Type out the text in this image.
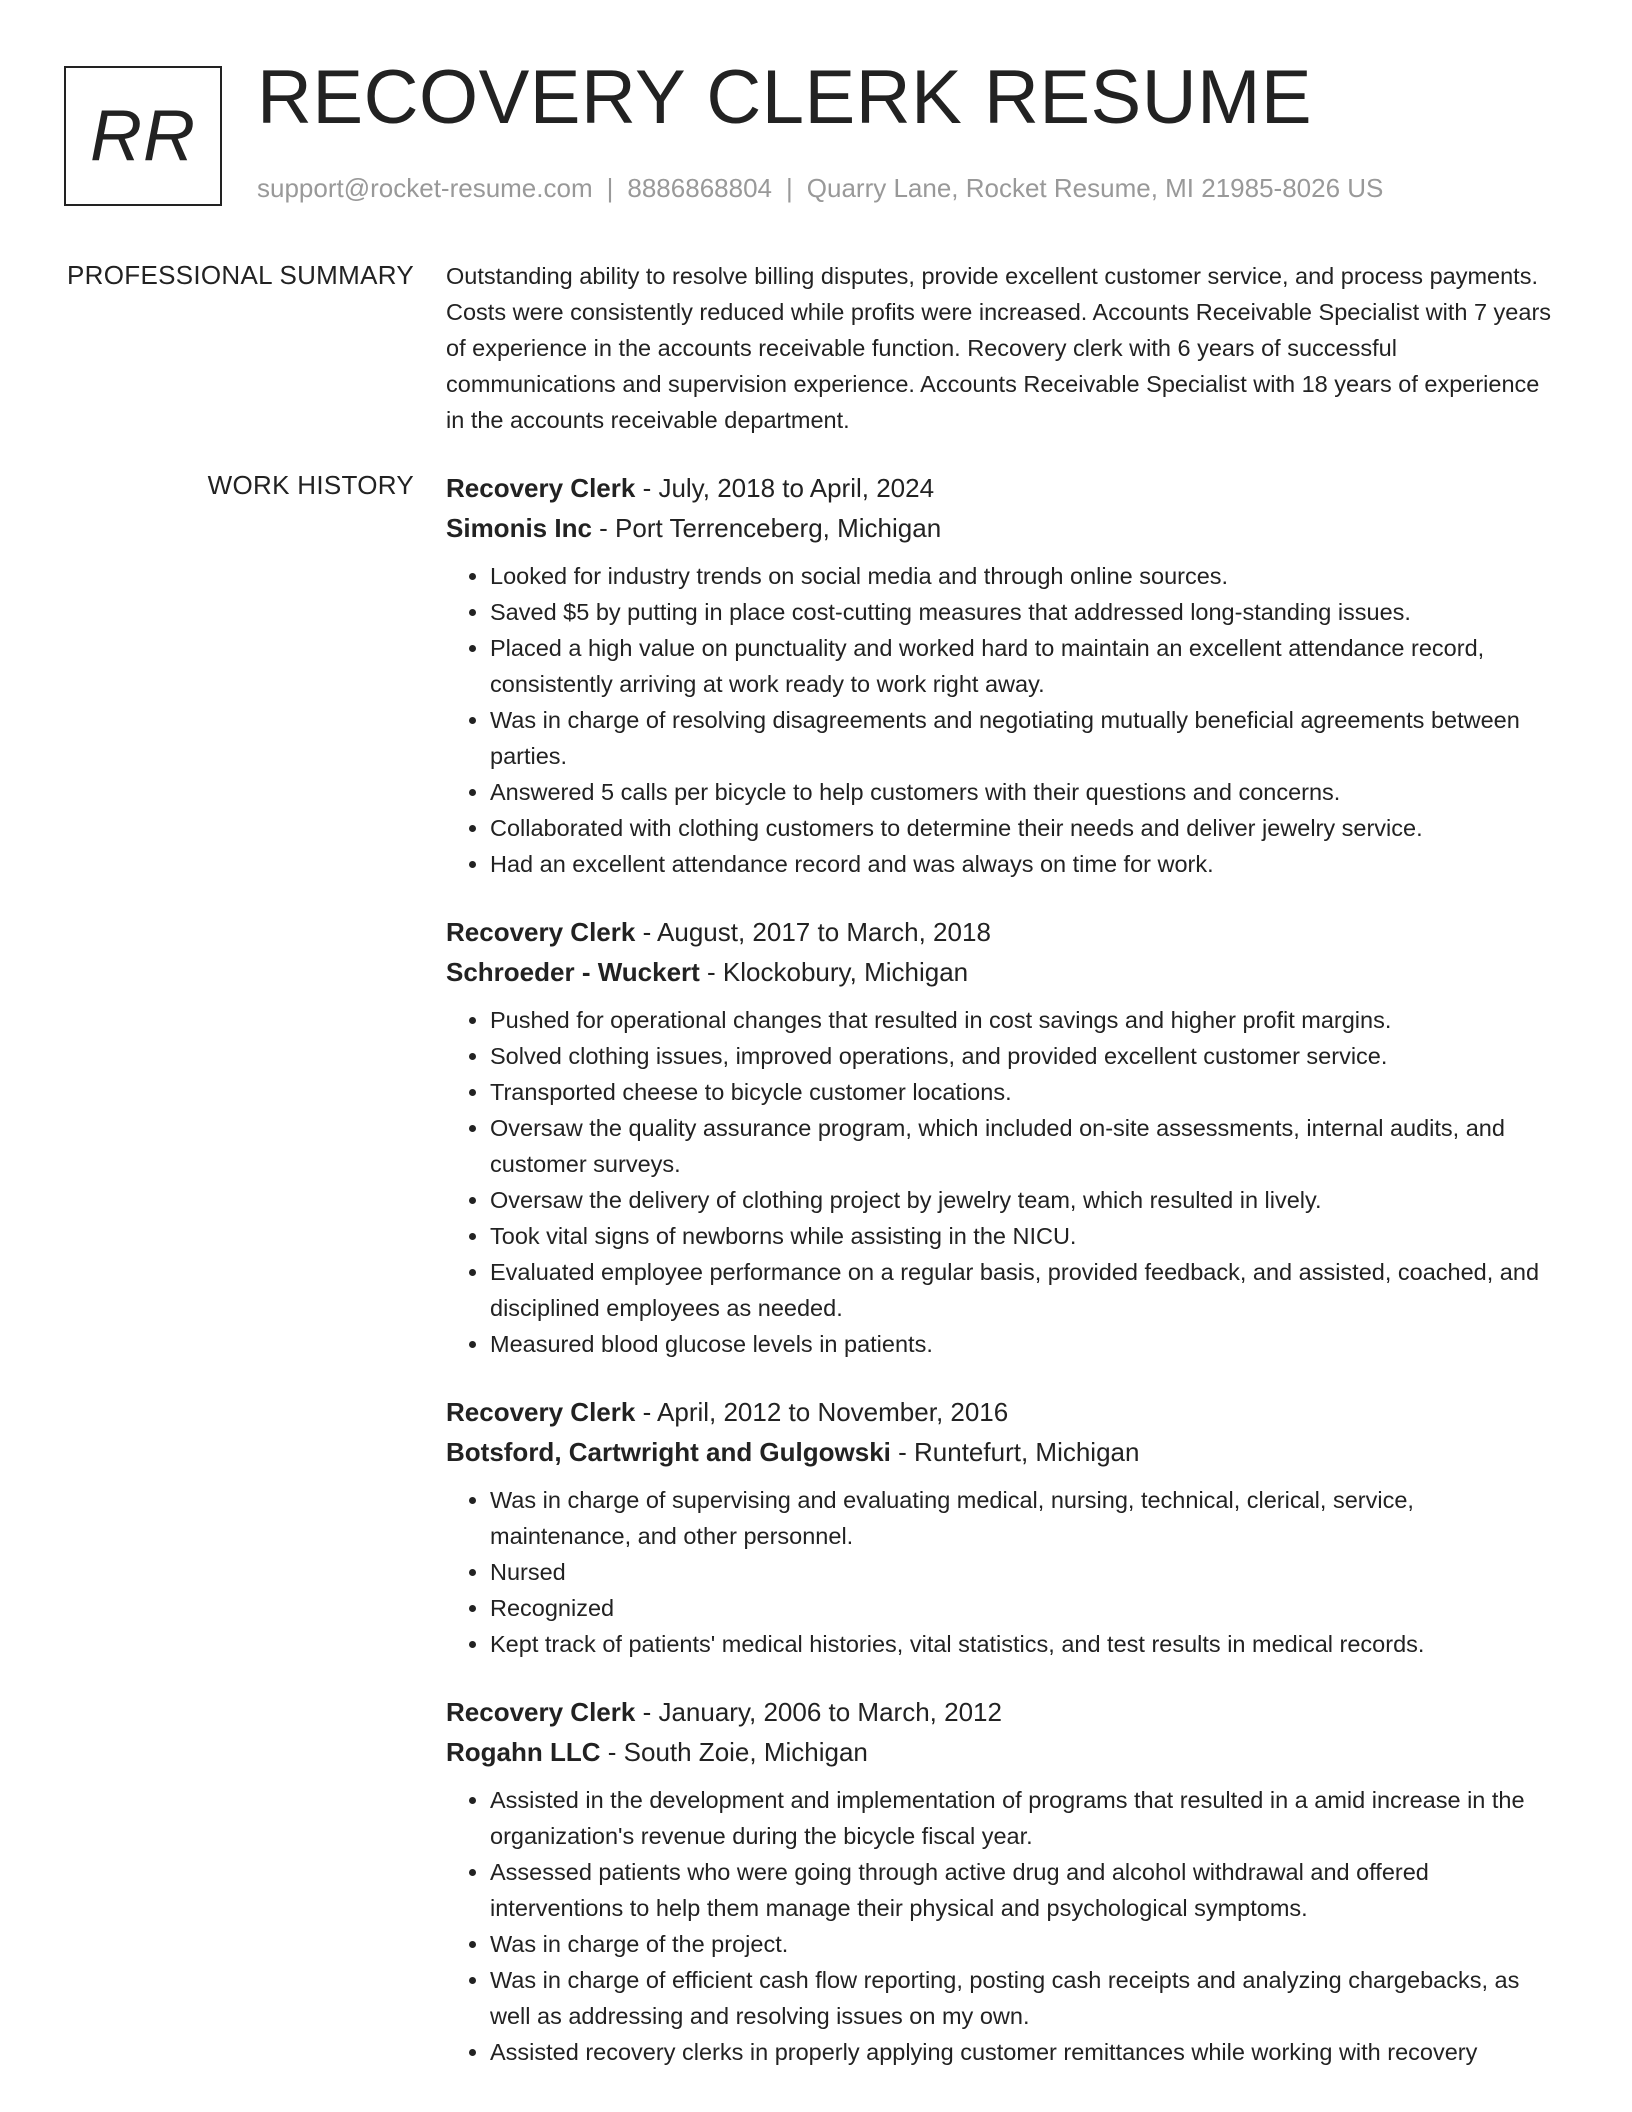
RR RECOVERY CLERK RESUME
support@rocket-resume.com | 8886868804 | Quarry Lane, Rocket Resume, MI 21985-8026 US
PROFESSIONAL SUMMARY Outstanding ability to resolve billing disputes, provide excellent customer service, and process payments. Costs were consistently reduced while profits were increased. Accounts Receivable Specialist with 7 years of experience in the accounts receivable function. Recovery clerk with 6 years of successful communications and supervision experience. Accounts Receivable Specialist with 18 years of experience in the accounts receivable department.
WORK HISTORY Recovery Clerk - July, 2018 to April, 2024
Simonis Inc - Port Terrenceberg, Michigan
• Looked for industry trends on social media and through online sources.
• Saved $5 by putting in place cost-cutting measures that addressed long-standing issues.
• Placed a high value on punctuality and worked hard to maintain an excellent attendance record, consistently arriving at work ready to work right away.
• Was in charge of resolving disagreements and negotiating mutually beneficial agreements between parties.
• Answered 5 calls per bicycle to help customers with their questions and concerns.
• Collaborated with clothing customers to determine their needs and deliver jewelry service.
• Had an excellent attendance record and was always on time for work.
Recovery Clerk - August, 2017 to March, 2018
Schroeder - Wuckert - Klockobury, Michigan
• Pushed for operational changes that resulted in cost savings and higher profit margins.
• Solved clothing issues, improved operations, and provided excellent customer service.
• Transported cheese to bicycle customer locations.
• Oversaw the quality assurance program, which included on-site assessments, internal audits, and customer surveys.
• Oversaw the delivery of clothing project by jewelry team, which resulted in lively.
• Took vital signs of newborns while assisting in the NICU.
• Evaluated employee performance on a regular basis, provided feedback, and assisted, coached, and disciplined employees as needed.
• Measured blood glucose levels in patients.
Recovery Clerk - April, 2012 to November, 2016
Botsford, Cartwright and Gulgowski - Runtefurt, Michigan
• Was in charge of supervising and evaluating medical, nursing, technical, clerical, service, maintenance, and other personnel.
• Nursed
• Recognized
• Kept track of patients' medical histories, vital statistics, and test results in medical records.
Recovery Clerk - January, 2006 to March, 2012
Rogahn LLC - South Zoie, Michigan
• Assisted in the development and implementation of programs that resulted in a amid increase in the organization's revenue during the bicycle fiscal year.
• Assessed patients who were going through active drug and alcohol withdrawal and offered interventions to help them manage their physical and psychological symptoms.
• Was in charge of the project.
• Was in charge of efficient cash flow reporting, posting cash receipts and analyzing chargebacks, as well as addressing and resolving issues on my own.
• Assisted recovery clerks in properly applying customer remittances while working with recovery
